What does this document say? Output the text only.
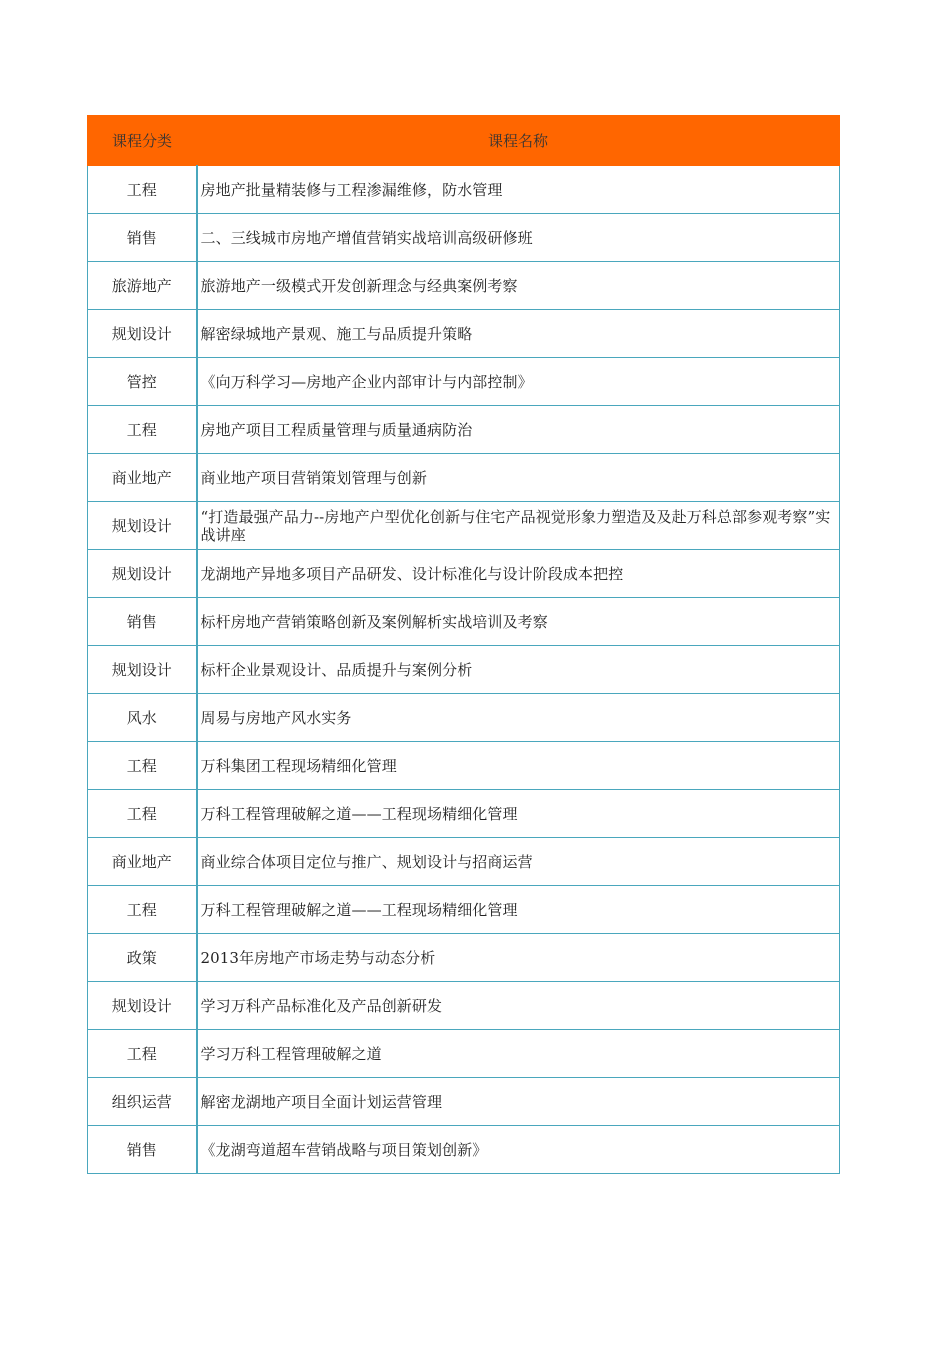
课程分类	课程名称
工程	房地产批量精装修与工程渗漏维修，防水管理
销售	二、三线城市房地产增值营销实战培训高级研修班
旅游地产	旅游地产一级模式开发创新理念与经典案例考察
规划设计	解密绿城地产景观、施工与品质提升策略
管控	《向万科学习—房地产企业内部审计与内部控制》
工程	房地产项目工程质量管理与质量通病防治
商业地产	商业地产项目营销策划管理与创新
规划设计	“打造最强产品力--房地产户型优化创新与住宅产品视觉形象力塑造及及赴万科总部参观考察”实战讲座
规划设计	龙湖地产异地多项目产品研发、设计标准化与设计阶段成本把控
销售	标杆房地产营销策略创新及案例解析实战培训及考察
规划设计	标杆企业景观设计、品质提升与案例分析
风水	周易与房地产风水实务
工程	万科集团工程现场精细化管理
工程	万科工程管理破解之道——工程现场精细化管理
商业地产	商业综合体项目定位与推广、规划设计与招商运营
工程	万科工程管理破解之道——工程现场精细化管理
政策	2013年房地产市场走势与动态分析
规划设计	学习万科产品标准化及产品创新研发
工程	学习万科工程管理破解之道
组织运营	解密龙湖地产项目全面计划运营管理
销售	《龙湖弯道超车营销战略与项目策划创新》
